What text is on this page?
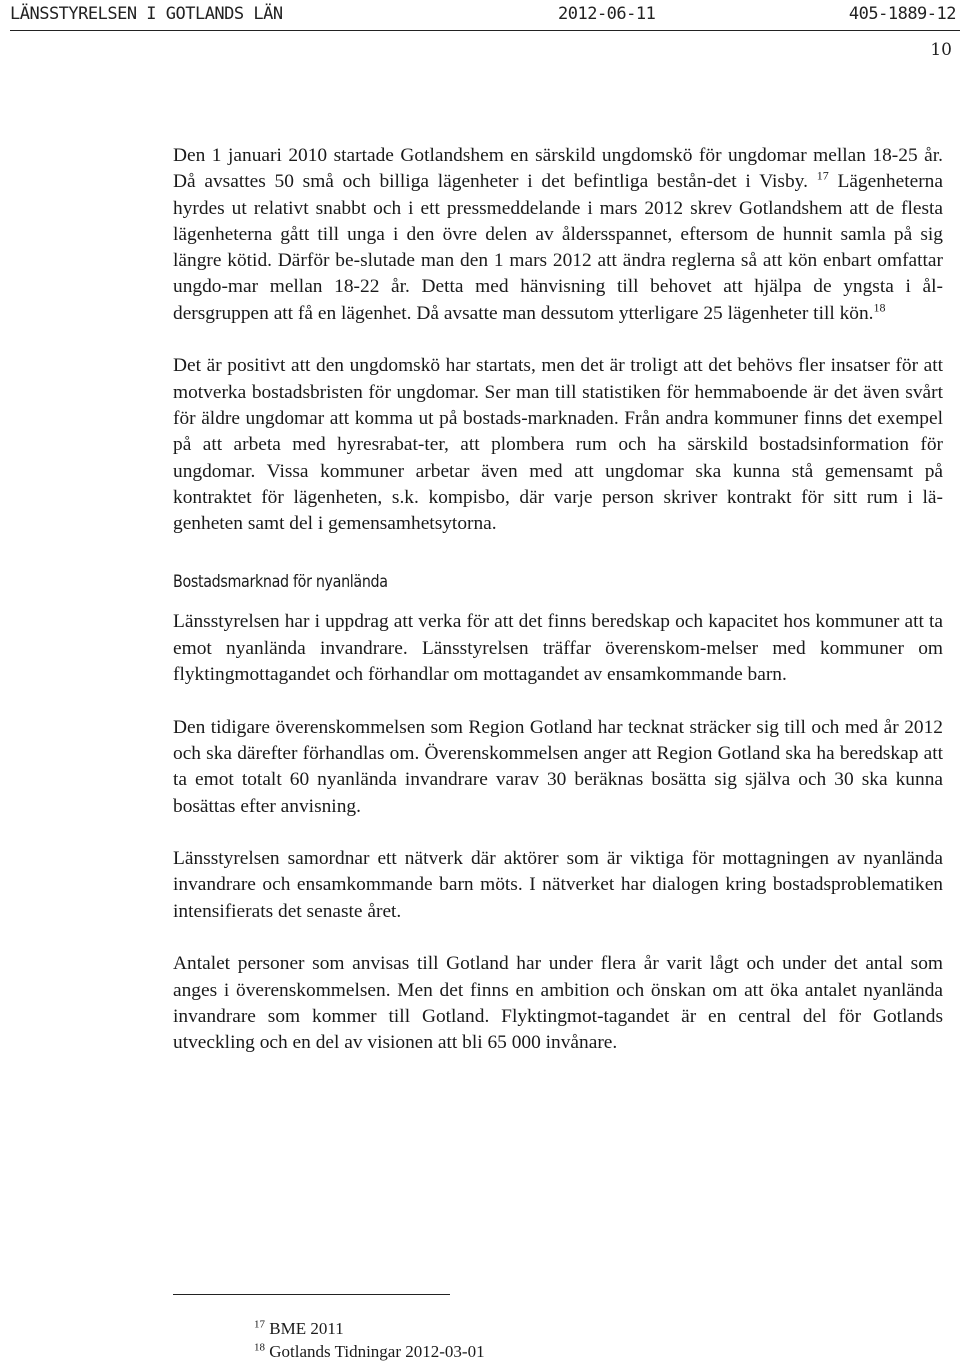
LÄNSSTYRELSEN I GOTLANDS LÄN	2012-06-11	405-1889-12
10

Den 1 januari 2010 startade Gotlandshem en särskild ungdomskö för ungdomar mellan 18-25 år. Då avsattes 50 små och billiga lägenheter i det befintliga bestån-det i Visby. $^{17}$ Lägenheterna hyrdes ut relativt snabbt och i ett pressmeddelande i mars 2012 skrev Gotlandshem att de flesta lägenheterna gått till unga i den övre delen av åldersspannet, eftersom de hunnit samla på sig längre kötid. Därför be-slutade man den 1 mars 2012 att ändra reglerna så att kön enbart omfattar ungdo-mar mellan 18-22 år. Detta med hänvisning till behovet att hjälpa de yngsta i ål-dersgruppen att få en lägenhet. Då avsatte man dessutom ytterligare 25 lägenheter till kön.$^{18}$

Det är positivt att den ungdomskö har startats, men det är troligt att det behövs fler insatser för att motverka bostadsbristen för ungdomar. Ser man till statistiken för hemmaboende är det även svårt för äldre ungdomar att komma ut på bostads-marknaden. Från andra kommuner finns det exempel på att arbeta med hyresrabat-ter, att plombera rum och ha särskild bostadsinformation för ungdomar. Vissa kommuner arbetar även med att ungdomar ska kunna stå gemensamt på kontraktet för lägenheten, s.k. kompisbo, där varje person skriver kontrakt för sitt rum i lä-genheten samt del i gemensamhetsytorna.

Bostadsmarknad för nyanlända

Länsstyrelsen har i uppdrag att verka för att det finns beredskap och kapacitet hos kommuner att ta emot nyanlända invandrare. Länsstyrelsen träffar överenskom-melser med kommuner om flyktingmottagandet och förhandlar om mottagandet av ensamkommande barn.

Den tidigare överenskommelsen som Region Gotland har tecknat sträcker sig till och med år 2012 och ska därefter förhandlas om. Överenskommelsen anger att Region Gotland ska ha beredskap att ta emot totalt 60 nyanlända invandrare varav 30 beräknas bosätta sig själva och 30 ska kunna bosättas efter anvisning.

Länsstyrelsen samordnar ett nätverk där aktörer som är viktiga för mottagningen av nyanlända invandrare och ensamkommande barn möts. I nätverket har dialogen kring bostadsproblematiken intensifierats det senaste året.

Antalet personer som anvisas till Gotland har under flera år varit lågt och under det antal som anges i överenskommelsen. Men det finns en ambition och önskan om att öka antalet nyanlända invandrare som kommer till Gotland. Flyktingmot-tagandet är en central del för Gotlands utveckling och en del av visionen att bli 65 000 invånare.

$^{17}$ BME 2011
$^{18}$ Gotlands Tidningar 2012-03-01
